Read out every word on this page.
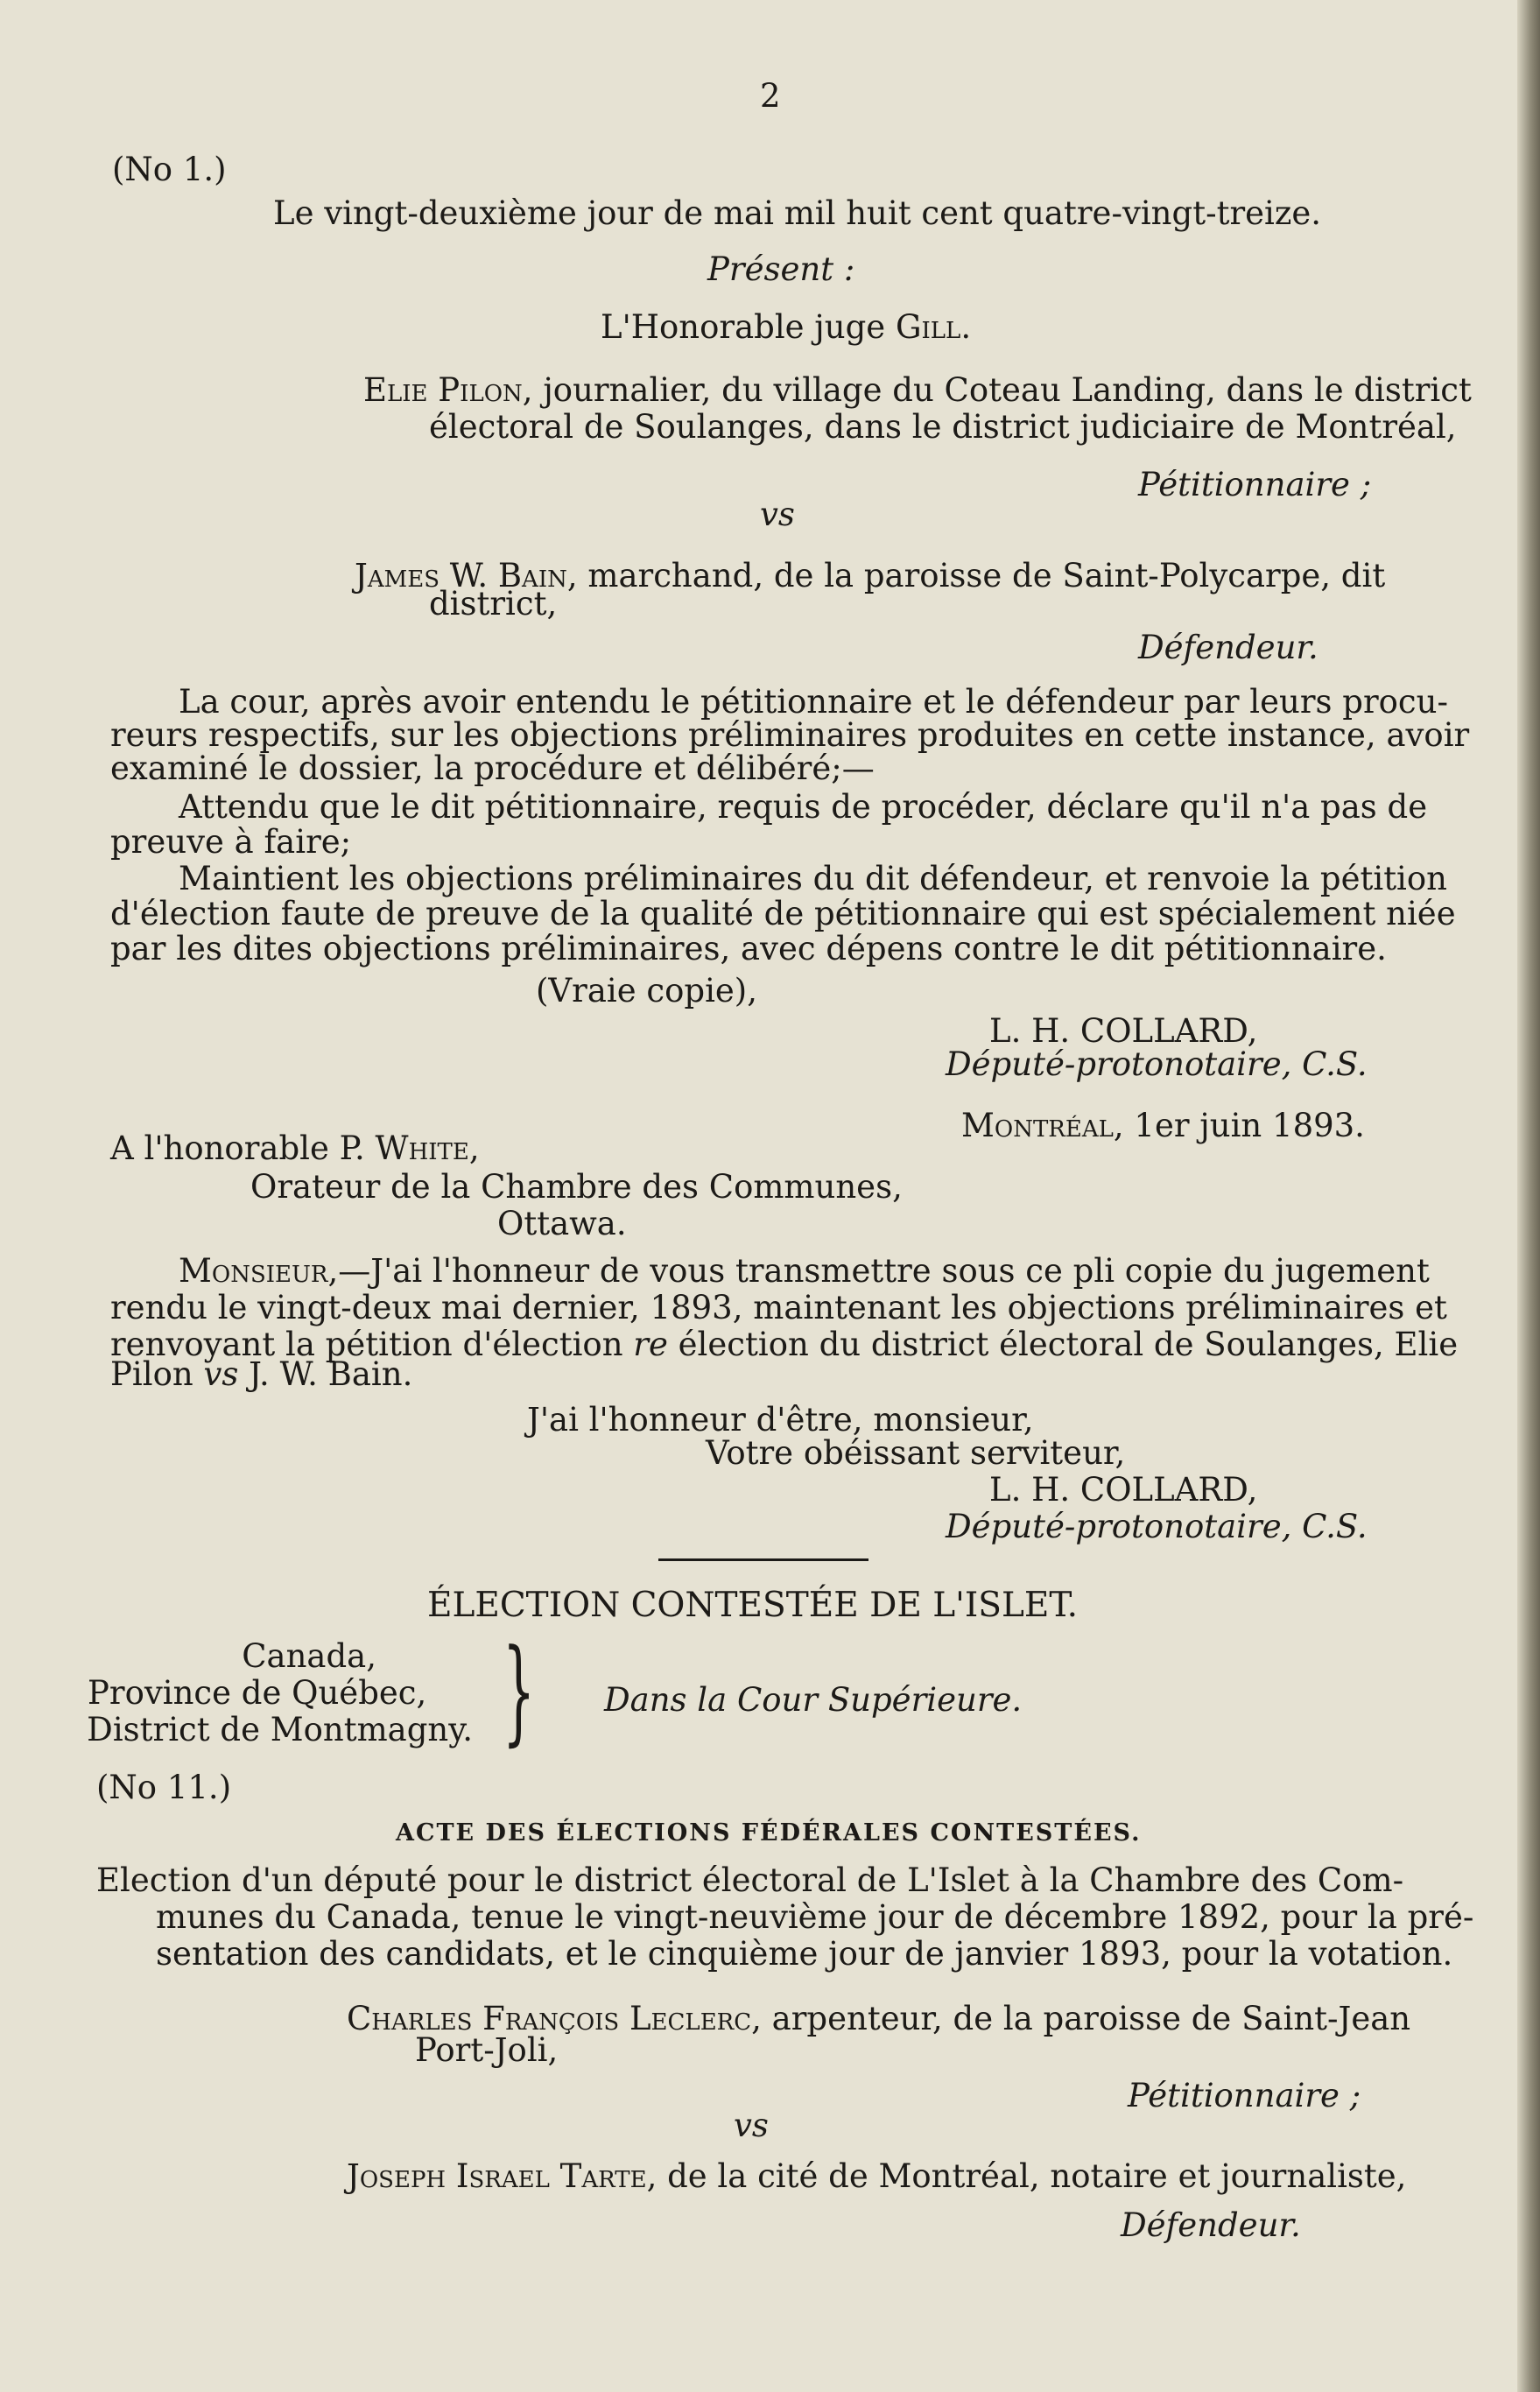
2
(No 1.)
Le vingt-deuxième jour de mai mil huit cent quatre-vingt-treize.
Présent :
L'Honorable juge Gill.
Elie Pilon, journalier, du village du Coteau Landing, dans le district
électoral de Soulanges, dans le district judiciaire de Montréal,
Pétitionnaire ;
vs
James W. Bain, marchand, de la paroisse de Saint-Polycarpe, dit
district,
Défendeur.
La cour, après avoir entendu le pétitionnaire et le défendeur par leurs procu-
reurs respectifs, sur les objections préliminaires produites en cette instance, avoir
examiné le dossier, la procédure et délibéré;—
Attendu que le dit pétitionnaire, requis de procéder, déclare qu'il n'a pas de
preuve à faire;
Maintient les objections préliminaires du dit défendeur, et renvoie la pétition
d'élection faute de preuve de la qualité de pétitionnaire qui est spécialement niée
par les dites objections préliminaires, avec dépens contre le dit pétitionnaire.
(Vraie copie),
L. H. COLLARD,
Député-protonotaire, C.S.
Montréal, 1er juin 1893.
A l'honorable P. White,
Orateur de la Chambre des Communes,
Ottawa.
Monsieur,—J'ai l'honneur de vous transmettre sous ce pli copie du jugement
rendu le vingt-deux mai dernier, 1893, maintenant les objections préliminaires et
renvoyant la pétition d'élection re élection du district électoral de Soulanges, Elie
Pilon vs J. W. Bain.
J'ai l'honneur d'être, monsieur,
Votre obéissant serviteur,
L. H. COLLARD,
Député-protonotaire, C.S.
ÉLECTION CONTESTÉE DE L'ISLET.
Canada,
Province de Québec,
District de Montmagny. } Dans la Cour Supérieure.
(No 11.)
ACTE DES ÉLECTIONS FÉDÉRALES CONTESTÉES.
Election d'un député pour le district électoral de L'Islet à la Chambre des Com-
munes du Canada, tenue le vingt-neuvième jour de décembre 1892, pour la pré-
sentation des candidats, et le cinquième jour de janvier 1893, pour la votation.
Charles François Leclerc, arpenteur, de la paroisse de Saint-Jean
Port-Joli,
Pétitionnaire ;
vs
Joseph Israel Tarte, de la cité de Montréal, notaire et journaliste,
Défendeur.
